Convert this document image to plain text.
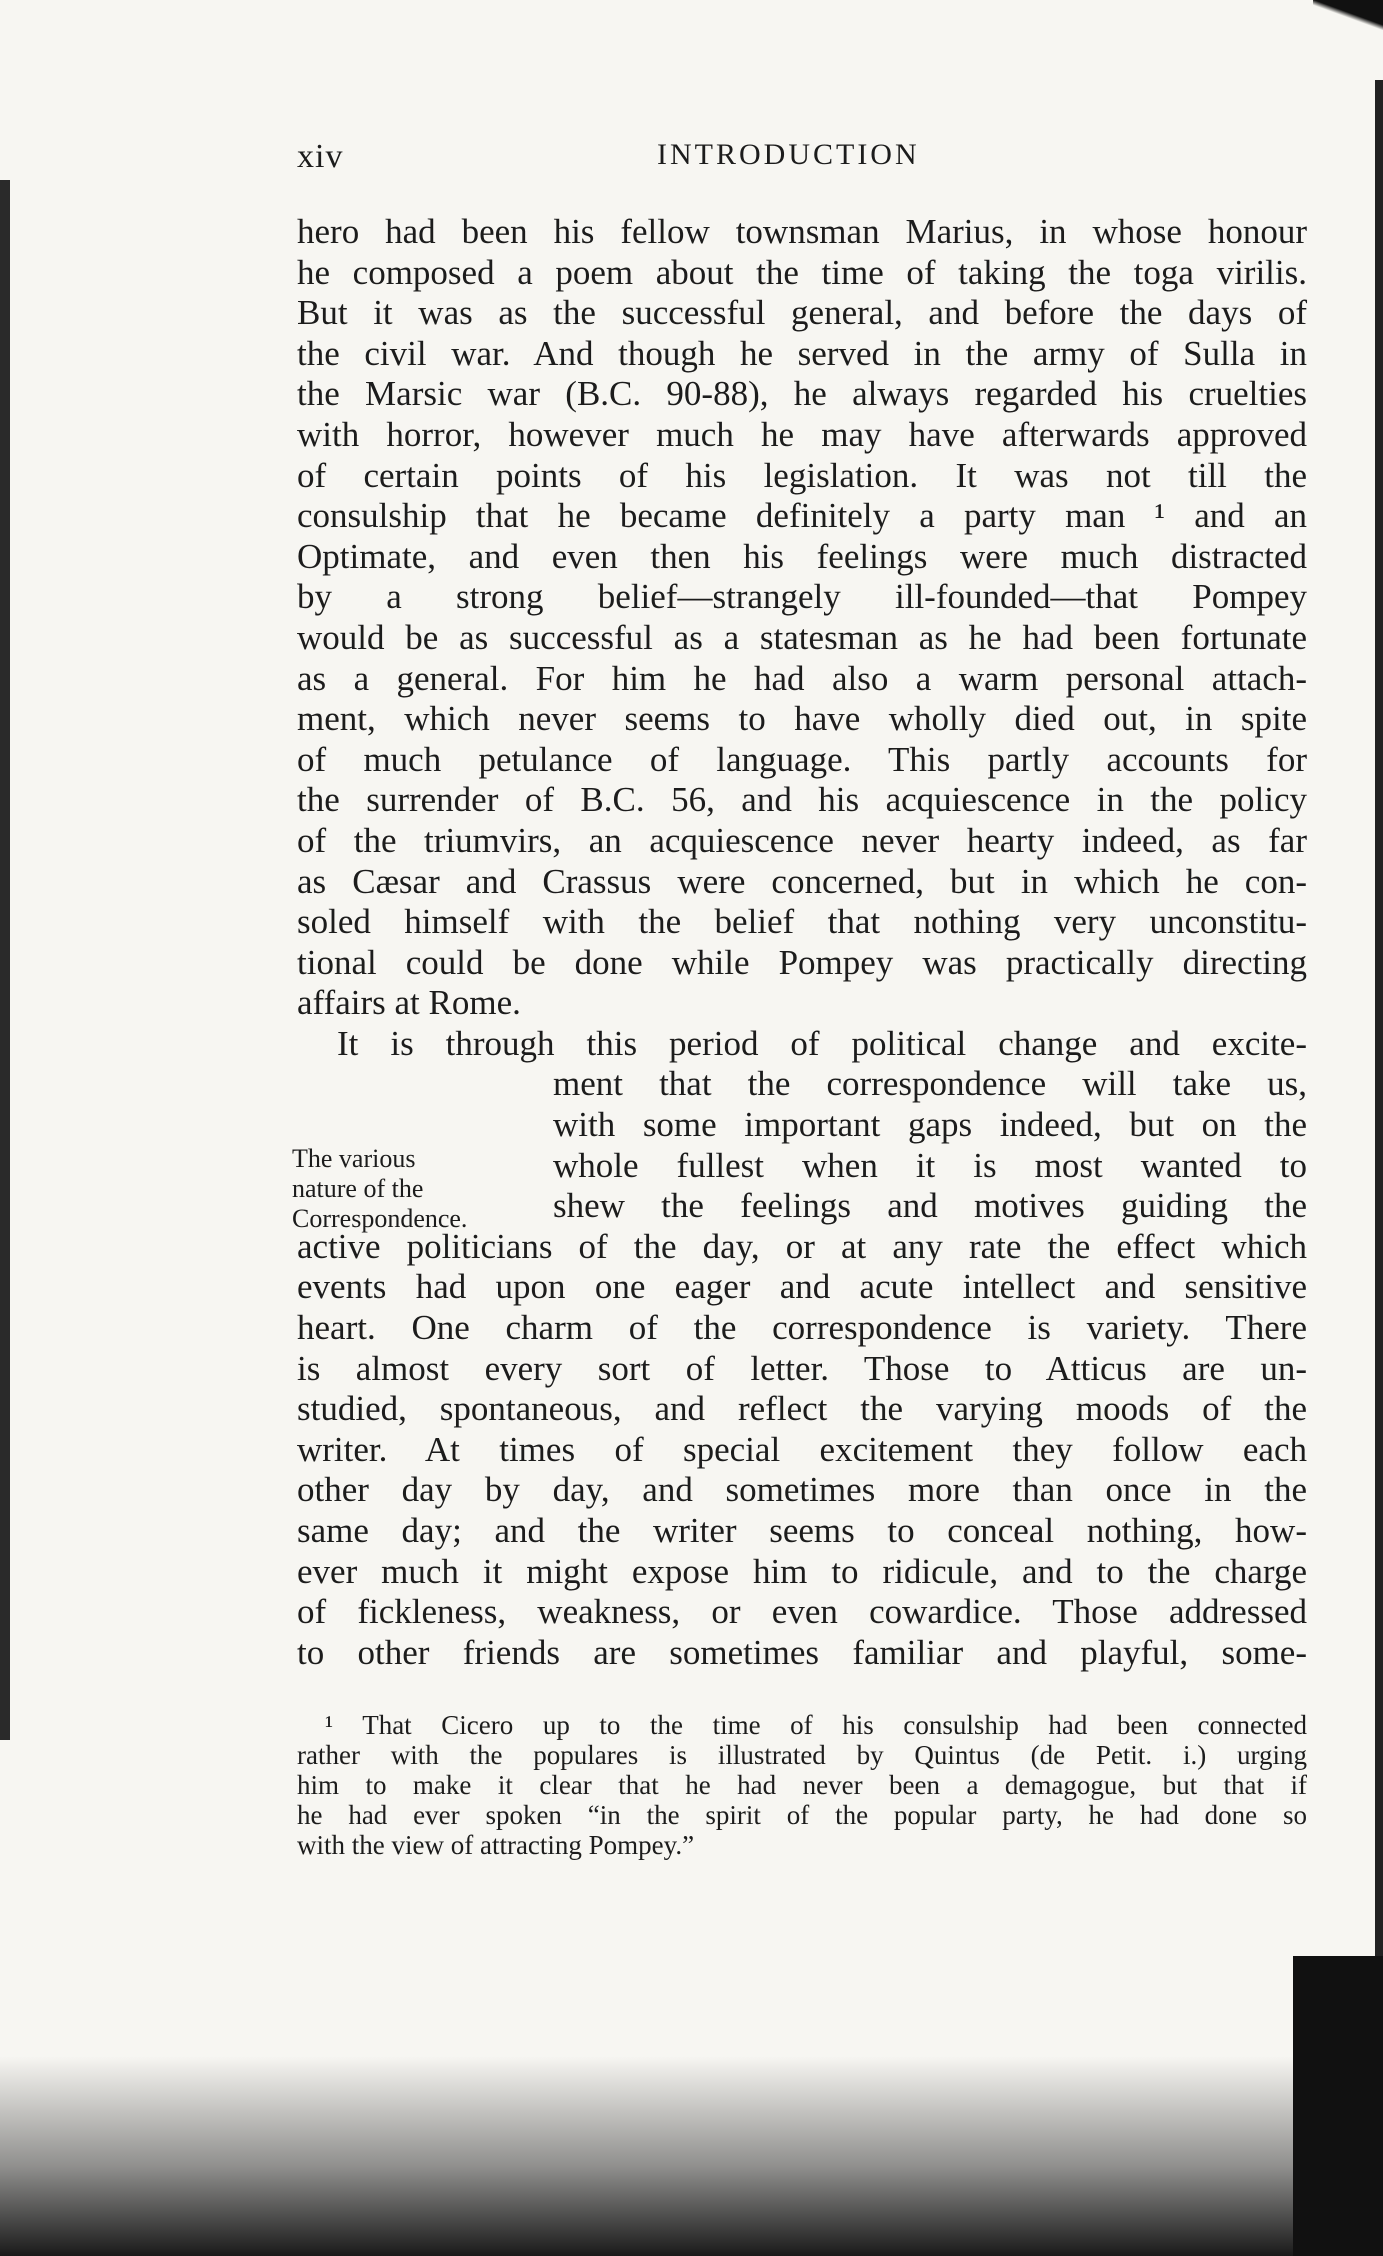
xiv	INTRODUCTION
hero had been his fellow townsman Marius, in whose honour
he composed a poem about the time of taking the toga virilis.
But it was as the successful general, and before the days of
the civil war. And though he served in the army of Sulla in
the Marsic war (B.C. 90-88), he always regarded his cruelties
with horror, however much he may have afterwards approved
of certain points of his legislation. It was not till the
consulship that he became definitely a party man ¹ and an
Optimate, and even then his feelings were much distracted
by a strong belief—strangely ill-founded—that Pompey
would be as successful as a statesman as he had been fortunate
as a general. For him he had also a warm personal attach-
ment, which never seems to have wholly died out, in spite
of much petulance of language. This partly accounts for
the surrender of B.C. 56, and his acquiescence in the policy
of the triumvirs, an acquiescence never hearty indeed, as far
as Cæsar and Crassus were concerned, but in which he con-
soled himself with the belief that nothing very unconstitu-
tional could be done while Pompey was practically directing
affairs at Rome.
It is through this period of political change and excite-
ment that the correspondence will take us,
with some important gaps indeed, but on the
whole fullest when it is most wanted to
shew the feelings and motives guiding the
active politicians of the day, or at any rate the effect which
events had upon one eager and acute intellect and sensitive
heart. One charm of the correspondence is variety. There
is almost every sort of letter. Those to Atticus are un-
studied, spontaneous, and reflect the varying moods of the
writer. At times of special excitement they follow each
other day by day, and sometimes more than once in the
same day; and the writer seems to conceal nothing, how-
ever much it might expose him to ridicule, and to the charge
of fickleness, weakness, or even cowardice. Those addressed
to other friends are sometimes familiar and playful, some-
The various
nature of the
Correspondence.
¹ That Cicero up to the time of his consulship had been connected
rather with the populares is illustrated by Quintus (de Petit. i.) urging
him to make it clear that he had never been a demagogue, but that if
he had ever spoken “in the spirit of the popular party, he had done so
with the view of attracting Pompey.”
